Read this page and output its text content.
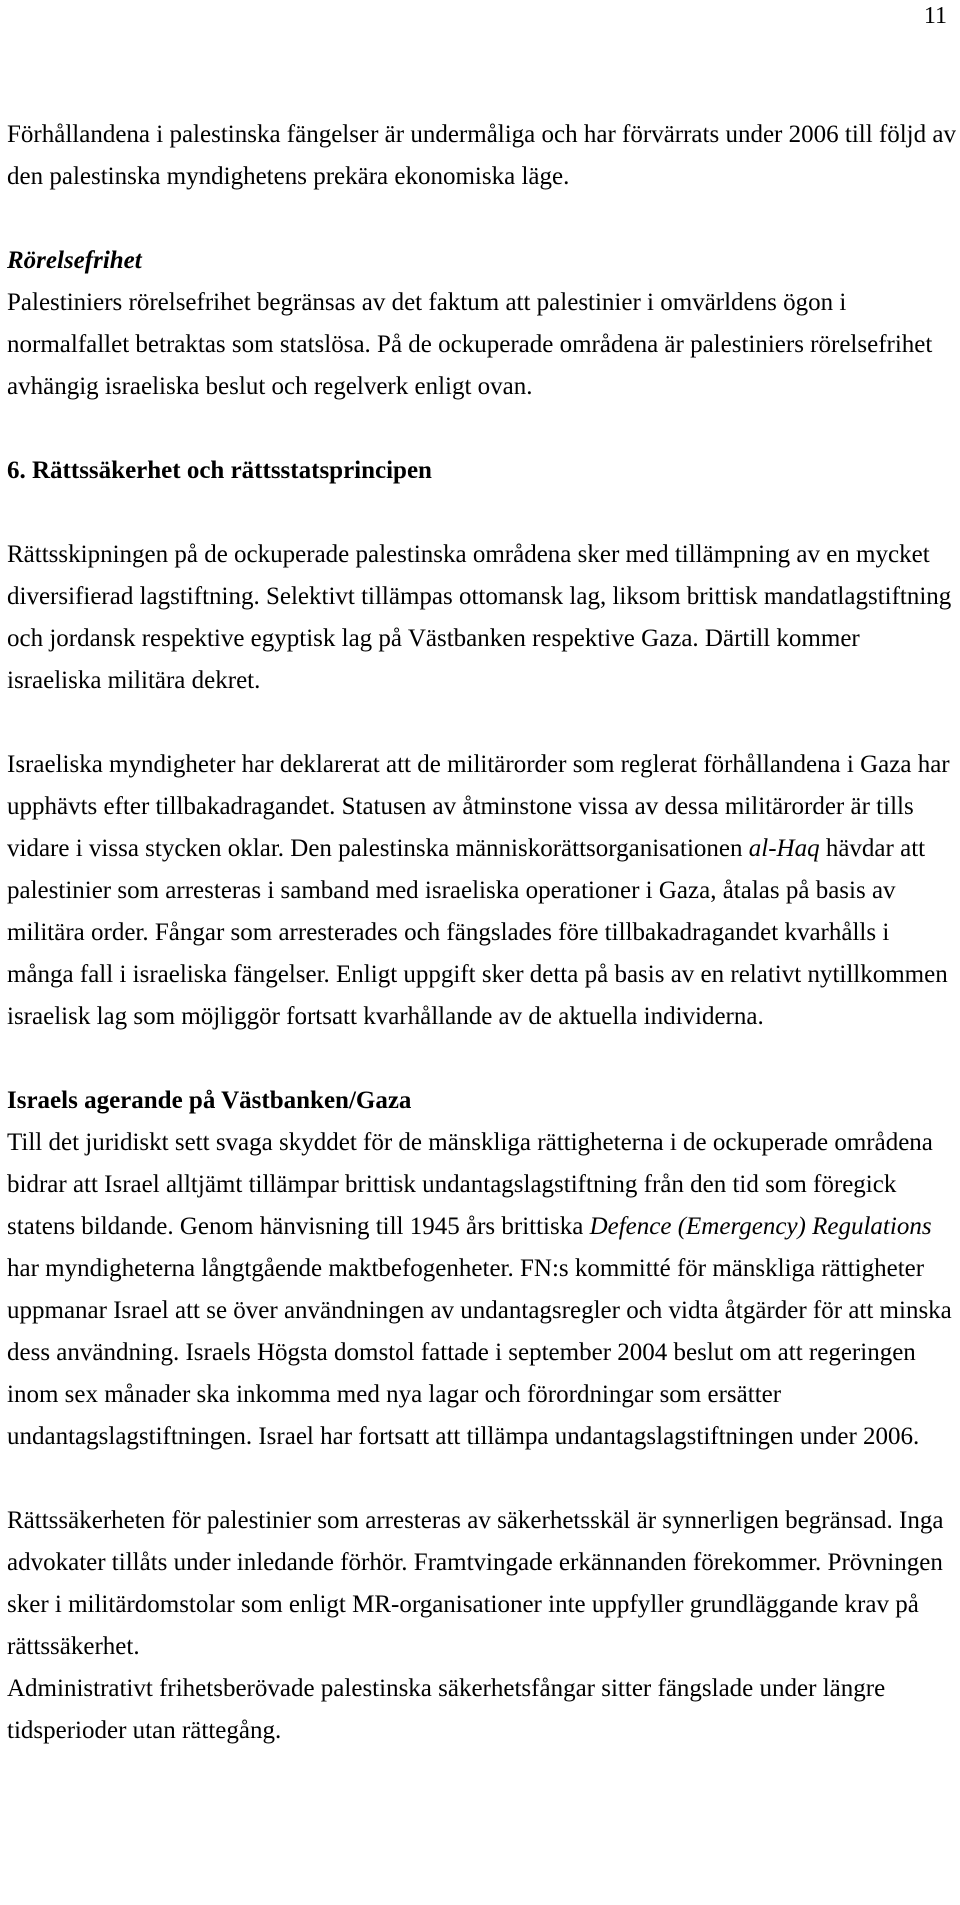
11

Förhållandena i palestinska fängelser är undermåliga och har förvärrats under 2006 till följd av den palestinska myndighetens prekära ekonomiska läge.

Rörelsefrihet

Palestiniers rörelsefrihet begränsas av det faktum att palestinier i omvärldens ögon i normalfallet betraktas som statslösa. På de ockuperade områdena är palestiniers rörelsefrihet avhängig israeliska beslut och regelverk enligt ovan.

6. Rättssäkerhet och rättsstatsprincipen

Rättsskipningen på de ockuperade palestinska områdena sker med tillämpning av en mycket diversifierad lagstiftning. Selektivt tillämpas ottomansk lag, liksom brittisk mandatlagstiftning och jordansk respektive egyptisk lag på Västbanken respektive Gaza. Därtill kommer israeliska militära dekret.

Israeliska myndigheter har deklarerat att de militärorder som reglerat förhållandena i Gaza har upphävts efter tillbakadragandet. Statusen av åtminstone vissa av dessa militärorder är tills vidare i vissa stycken oklar. Den palestinska människorättsorganisationen al-Haq hävdar att palestinier som arresteras i samband med israeliska operationer i Gaza, åtalas på basis av militära order. Fångar som arresterades och fängslades före tillbakadragandet kvarhålls i många fall i israeliska fängelser. Enligt uppgift sker detta på basis av en relativt nytillkommen israelisk lag som möjliggör fortsatt kvarhållande av de aktuella individerna.

Israels agerande på Västbanken/Gaza

Till det juridiskt sett svaga skyddet för de mänskliga rättigheterna i de ockuperade områdena bidrar att Israel alltjämt tillämpar brittisk undantagslagstiftning från den tid som föregick statens bildande. Genom hänvisning till 1945 års brittiska Defence (Emergency) Regulations har myndigheterna långtgående maktbefogenheter. FN:s kommitté för mänskliga rättigheter uppmanar Israel att se över användningen av undantagsregler och vidta åtgärder för att minska dess användning. Israels Högsta domstol fattade i september 2004 beslut om att regeringen inom sex månader ska inkomma med nya lagar och förordningar som ersätter undantagslagstiftningen. Israel har fortsatt att tillämpa undantagslagstiftningen under 2006.

Rättssäkerheten för palestinier som arresteras av säkerhetsskäl är synnerligen begränsad. Inga advokater tillåts under inledande förhör. Framtvingade erkännanden förekommer. Prövningen sker i militärdomstolar som enligt MR-organisationer inte uppfyller grundläggande krav på rättssäkerhet.

Administrativt frihetsberövade palestinska säkerhetsfångar sitter fängslade under längre tidsperioder utan rättegång.
